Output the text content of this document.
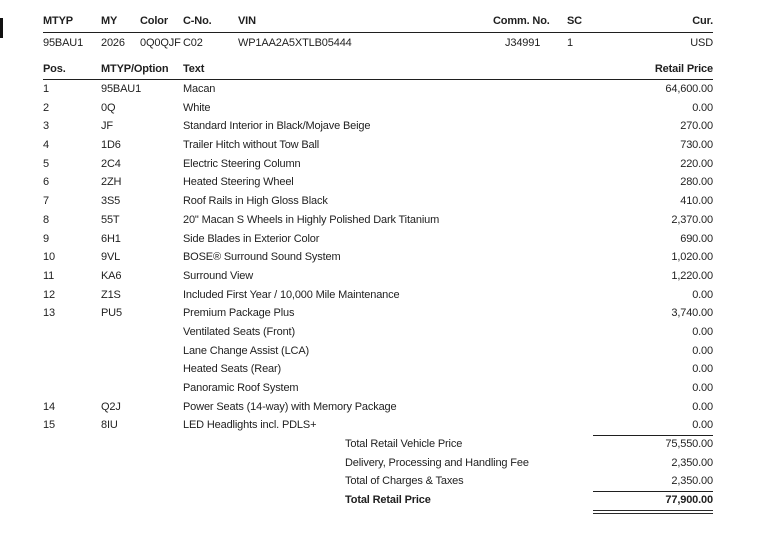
MTYP	MY	Color	C-No.	VIN	Comm. No.	SC	Cur.
95BAU1	2026	0Q0QJF C02	WP1AA2A5XTLB05444	J34991	1	USD
Pos.	MTYP/Option	Text	Retail Price
1	95BAU1	Macan	64,600.00
2	0Q	White	0.00
3	JF	Standard Interior in Black/Mojave Beige	270.00
4	1D6	Trailer Hitch without Tow Ball	730.00
5	2C4	Electric Steering Column	220.00
6	2ZH	Heated Steering Wheel	280.00
7	3S5	Roof Rails in High Gloss Black	410.00
8	55T	20" Macan S Wheels in Highly Polished Dark Titanium	2,370.00
9	6H1	Side Blades in Exterior Color	690.00
10	9VL	BOSE® Surround Sound System	1,020.00
11	KA6	Surround View	1,220.00
12	Z1S	Included First Year / 10,000 Mile Maintenance	0.00
13	PU5	Premium Package Plus	3,740.00
Ventilated Seats (Front)	0.00
Lane Change Assist (LCA)	0.00
Heated Seats (Rear)	0.00
Panoramic Roof System	0.00
14	Q2J	Power Seats (14-way) with Memory Package	0.00
15	8IU	LED Headlights incl. PDLS+	0.00
Total Retail Vehicle Price	75,550.00
Delivery, Processing and Handling Fee	2,350.00
Total of Charges & Taxes	2,350.00
Total Retail Price	77,900.00
